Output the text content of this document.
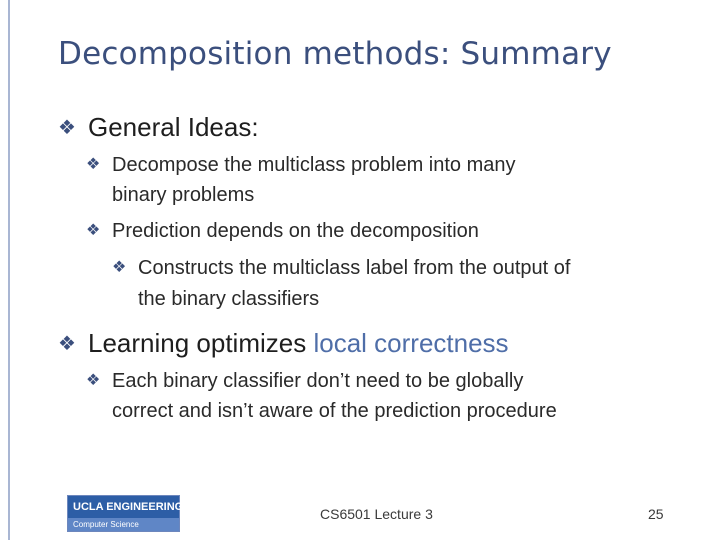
Decomposition methods: Summary
❖ General Ideas:
❖ Decompose the multiclass problem into many
binary problems
❖ Prediction depends on the decomposition
❖ Constructs the multiclass label from the output of
the binary classifiers
❖ Learning optimizes local correctness
❖ Each binary classifier don’t need to be globally
correct and isn’t aware of the prediction procedure
UCLA ENGINEERING
Computer Science
CS6501 Lecture 3	25
